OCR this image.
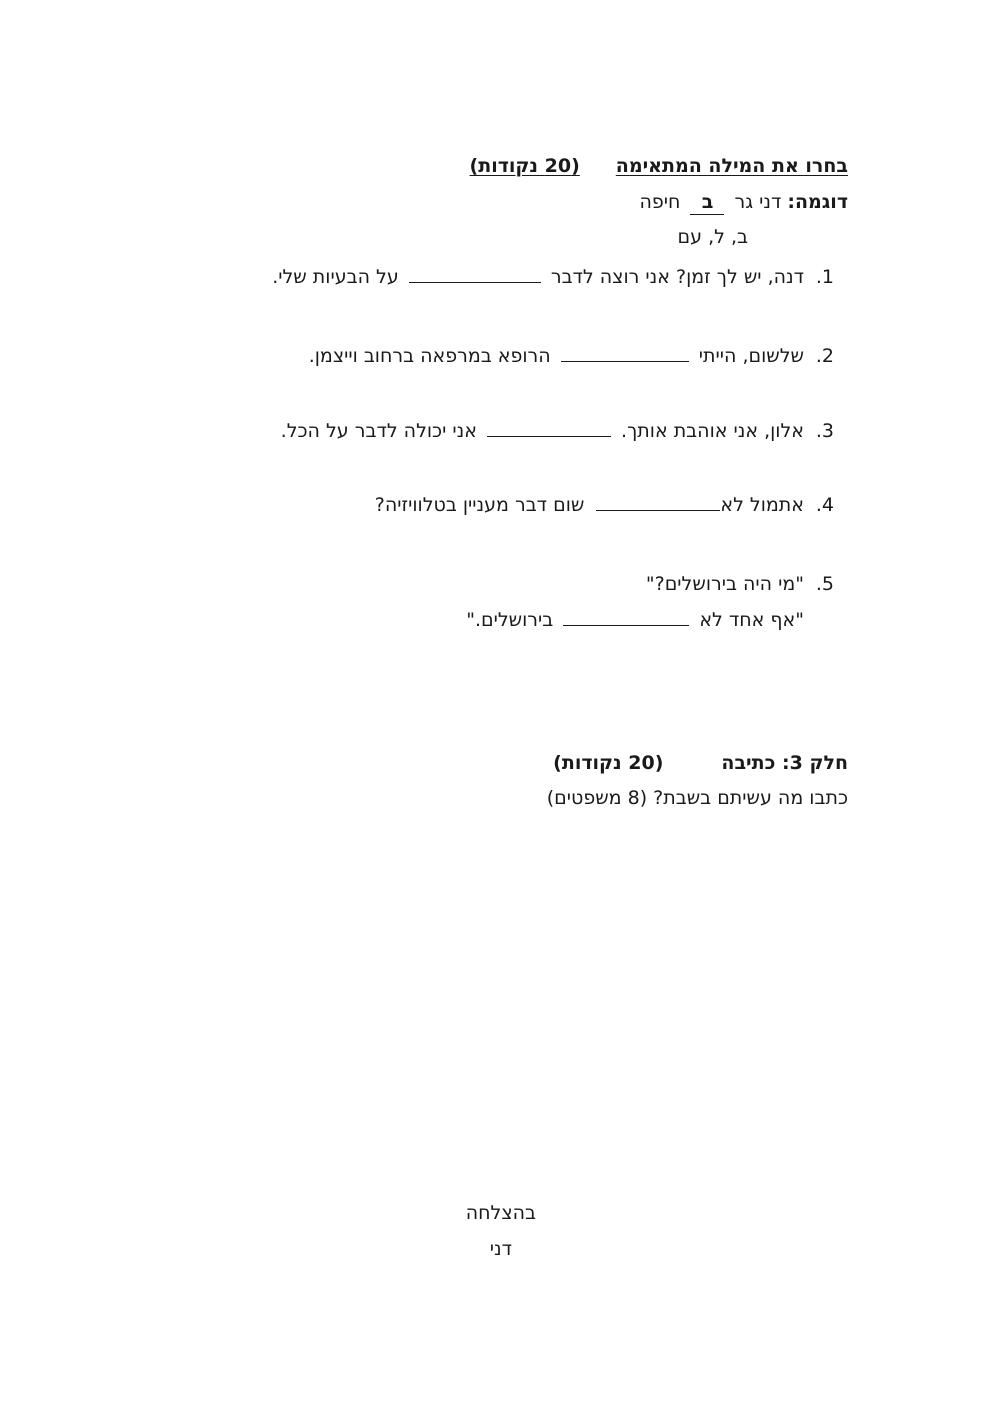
בחרו את המילה המתאימה(20 נקודות)
דוגמה: דני גר ב חיפה
ב, ל, עם
1.דנה, יש לך זמן? אני רוצה לדבר  על הבעיות שלי.
2.שלשום, הייתי  הרופא במרפאה ברחוב וייצמן.
3.אלון, אני אוהבת אותך.  אני יכולה לדבר על הכל.
4.אתמול לא שום דבר מעניין בטלוויזיה?
5."מי היה בירושלים?"
"אף אחד לא  בירושלים."
חלק 3: כתיבה(20 נקודות)
כתבו מה עשיתם בשבת? (8 משפטים)
בהצלחה
דני
